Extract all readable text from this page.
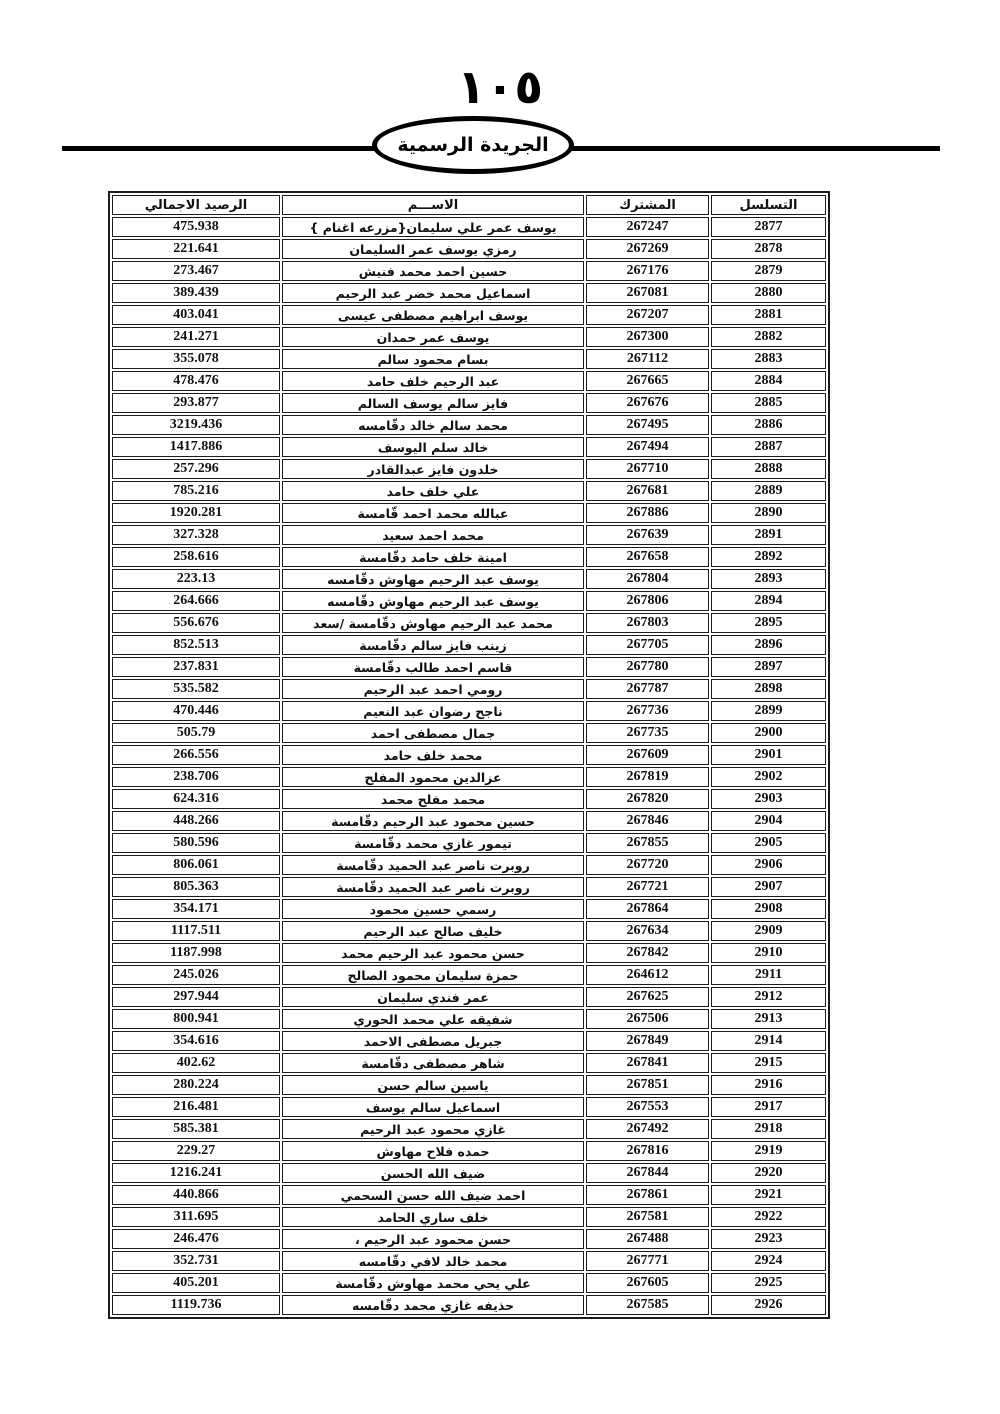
١٠٥
الجريدة الرسمية
التسلسل	المشترك	الاســـم	الرصيد الاجمالي
2877	267247	يوسف عمر علي سليمان{مزرعه اغنام }	475.938
2878	267269	رمزي يوسف عمر السليمان	221.641
2879	267176	حسين احمد محمد فنيش	273.467
2880	267081	اسماعيل محمد خضر عبد الرحيم	389.439
2881	267207	يوسف ابراهيم مصطفى عيسى	403.041
2882	267300	يوسف عمر حمدان	241.271
2883	267112	بسام محمود سالم	355.078
2884	267665	عبد الرحيم خلف حامد	478.476
2885	267676	فايز سالم يوسف السالم	293.877
2886	267495	محمد سالم خالد دقّامسه	3219.436
2887	267494	خالد سلم اليوسف	1417.886
2888	267710	خلدون فايز عبدالقادر	257.296
2889	267681	علي خلف حامد	785.216
2890	267886	عبالله محمد احمد قّامسة	1920.281
2891	267639	محمد احمد سعيد	327.328
2892	267658	امينة خلف حامد دقّامسة	258.616
2893	267804	يوسف عبد الرحيم مهاوش دقّامسه	223.13
2894	267806	يوسف عبد الرحيم مهاوش دقّامسه	264.666
2895	267803	محمد عبد الرحيم مهاوش دقّامسة /سعد	556.676
2896	267705	زينب فايز سالم دقّامسة	852.513
2897	267780	قاسم احمد طالب دقّامسة	237.831
2898	267787	رومي احمد عبد الرحيم	535.582
2899	267736	ناجح رضوان عبد النعيم	470.446
2900	267735	جمال مصطفى احمد	505.79
2901	267609	محمد خلف حامد	266.556
2902	267819	عزالدين محمود المفلح	238.706
2903	267820	محمد مفلح محمد	624.316
2904	267846	حسين محمود عبد الرحيم دقّامسة	448.266
2905	267855	تيمور غازي محمد دقّامسة	580.596
2906	267720	روبرت ناصر عبد الحميد دقّامسة	806.061
2907	267721	روبرت ناصر عبد الحميد دقّامسة	805.363
2908	267864	رسمي حسين محمود	354.171
2909	267634	خليف صالح عبد الرحيم	1117.511
2910	267842	حسن محمود عبد الرحيم محمد	1187.998
2911	264612	حمزة سليمان محمود الصالح	245.026
2912	267625	عمر فندي سليمان	297.944
2913	267506	شفيقه علي محمد الحوري	800.941
2914	267849	جبريل مصطفى الاحمد	354.616
2915	267841	شاهر مصطفى دقّامسة	402.62
2916	267851	ياسين سالم حسن	280.224
2917	267553	اسماعيل سالم يوسف	216.481
2918	267492	غازي محمود عبد الرحيم	585.381
2919	267816	حمده فلاح مهاوش	229.27
2920	267844	ضيف الله الحسن	1216.241
2921	267861	احمد ضيف الله حسن السحمي	440.866
2922	267581	خلف ساري الحامد	311.695
2923	267488	حسن محمود عبد الرحيم ،	246.476
2924	267771	محمد خالد لافي دقّامسه	352.731
2925	267605	علي يحي محمد مهاوش دقّامسة	405.201
2926	267585	حذيفه غازي محمد دقّامسه	1119.736
